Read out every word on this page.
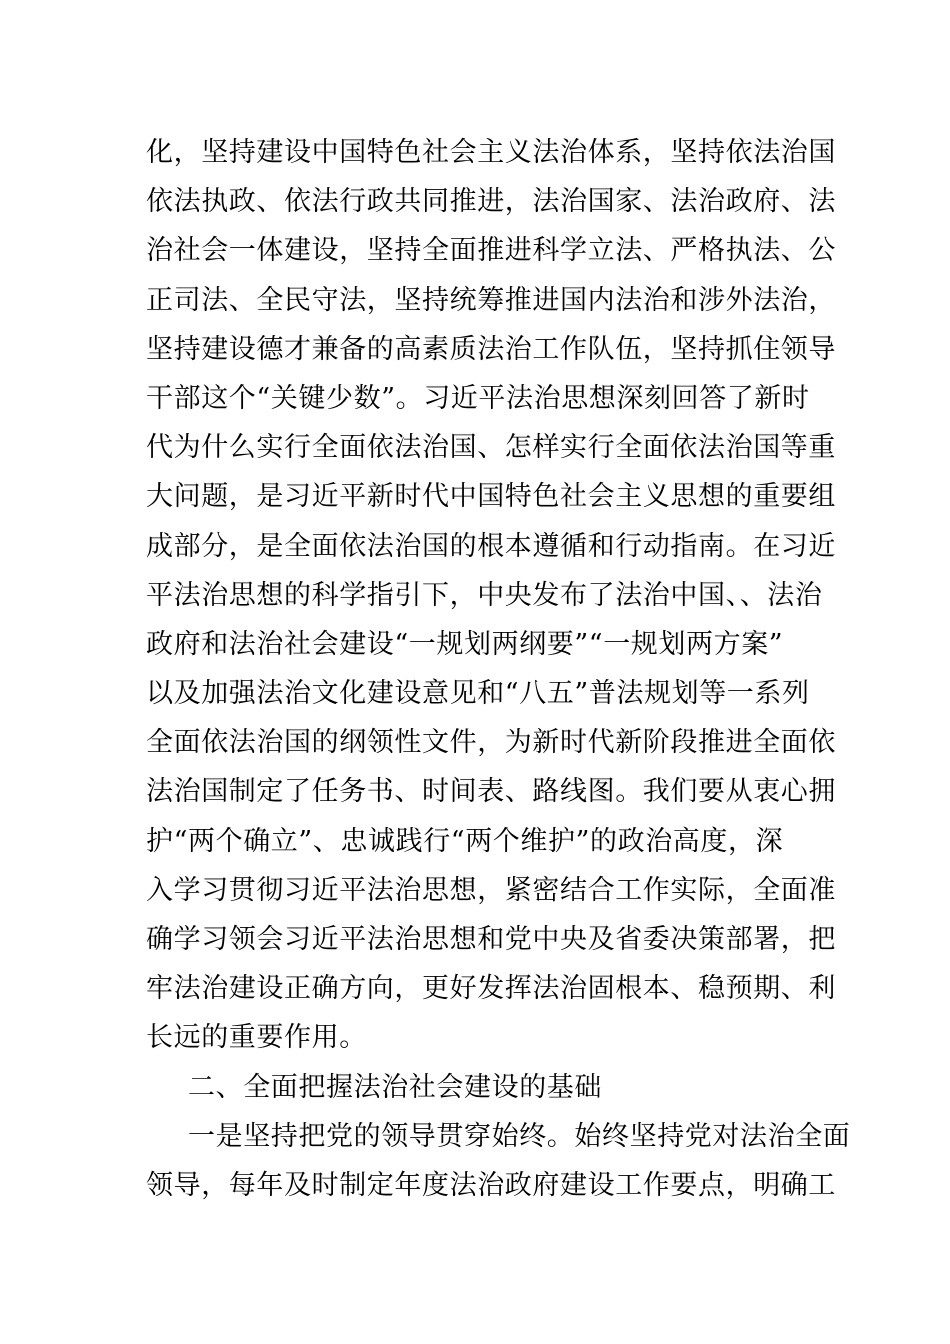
化，坚持建设中国特色社会主义法治体系，坚持依法治国
依法执政、依法行政共同推进，法治国家、法治政府、法
治社会一体建设，坚持全面推进科学立法、严格执法、公
正司法、全民守法，坚持统筹推进国内法治和涉外法治，
坚持建设德才兼备的高素质法治工作队伍，坚持抓住领导
干部这个“关键少数”。习近平法治思想深刻回答了新时
代为什么实行全面依法治国、怎样实行全面依法治国等重
大问题，是习近平新时代中国特色社会主义思想的重要组
成部分，是全面依法治国的根本遵循和行动指南。在习近
平法治思想的科学指引下，中央发布了法治中国、、法治
政府和法治社会建设“一规划两纲要”“一规划两方案”
以及加强法治文化建设意见和“八五”普法规划等一系列
全面依法治国的纲领性文件，为新时代新阶段推进全面依
法治国制定了任务书、时间表、路线图。我们要从衷心拥
护“两个确立”、忠诚践行“两个维护”的政治高度，深
入学习贯彻习近平法治思想，紧密结合工作实际，全面准
确学习领会习近平法治思想和党中央及省委决策部署，把
牢法治建设正确方向，更好发挥法治固根本、稳预期、利
长远的重要作用。
二、全面把握法治社会建设的基础
一是坚持把党的领导贯穿始终。始终坚持党对法治全面
领导，每年及时制定年度法治政府建设工作要点，明确工
